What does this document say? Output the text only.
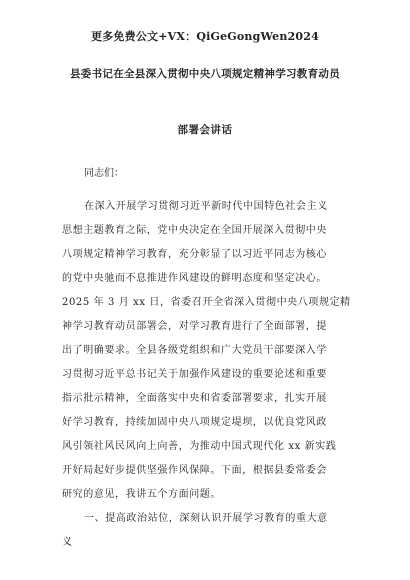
更多免费公文+VX：QiGeGongWen2024
县委书记在全县深入贯彻中央八项规定精神学习教育动员
部署会讲话
同志们：
在深入开展学习贯彻习近平新时代中国特色社会主义
思想主题教育之际，党中央决定在全国开展深入贯彻中央
八项规定精神学习教育，充分彰显了以习近平同志为核心
的党中央驰而不息推进作风建设的鲜明态度和坚定决心。
2025 年 3 月 xx 日，省委召开全省深入贯彻中央八项规定精
神学习教育动员部署会，对学习教育进行了全面部署，提
出了明确要求。全县各级党组织和广大党员干部要深入学
习贯彻习近平总书记关于加强作风建设的重要论述和重要
指示批示精神，全面落实中央和省委部署要求，扎实开展
好学习教育，持续加固中央八项规定堤坝，以优良党风政
风引领社风民风向上向善，为推动中国式现代化 xx 新实践
开好局起好步提供坚强作风保障。下面，根据县委常委会
研究的意见，我讲五个方面问题。
一、提高政治站位，深刻认识开展学习教育的重大意
义
